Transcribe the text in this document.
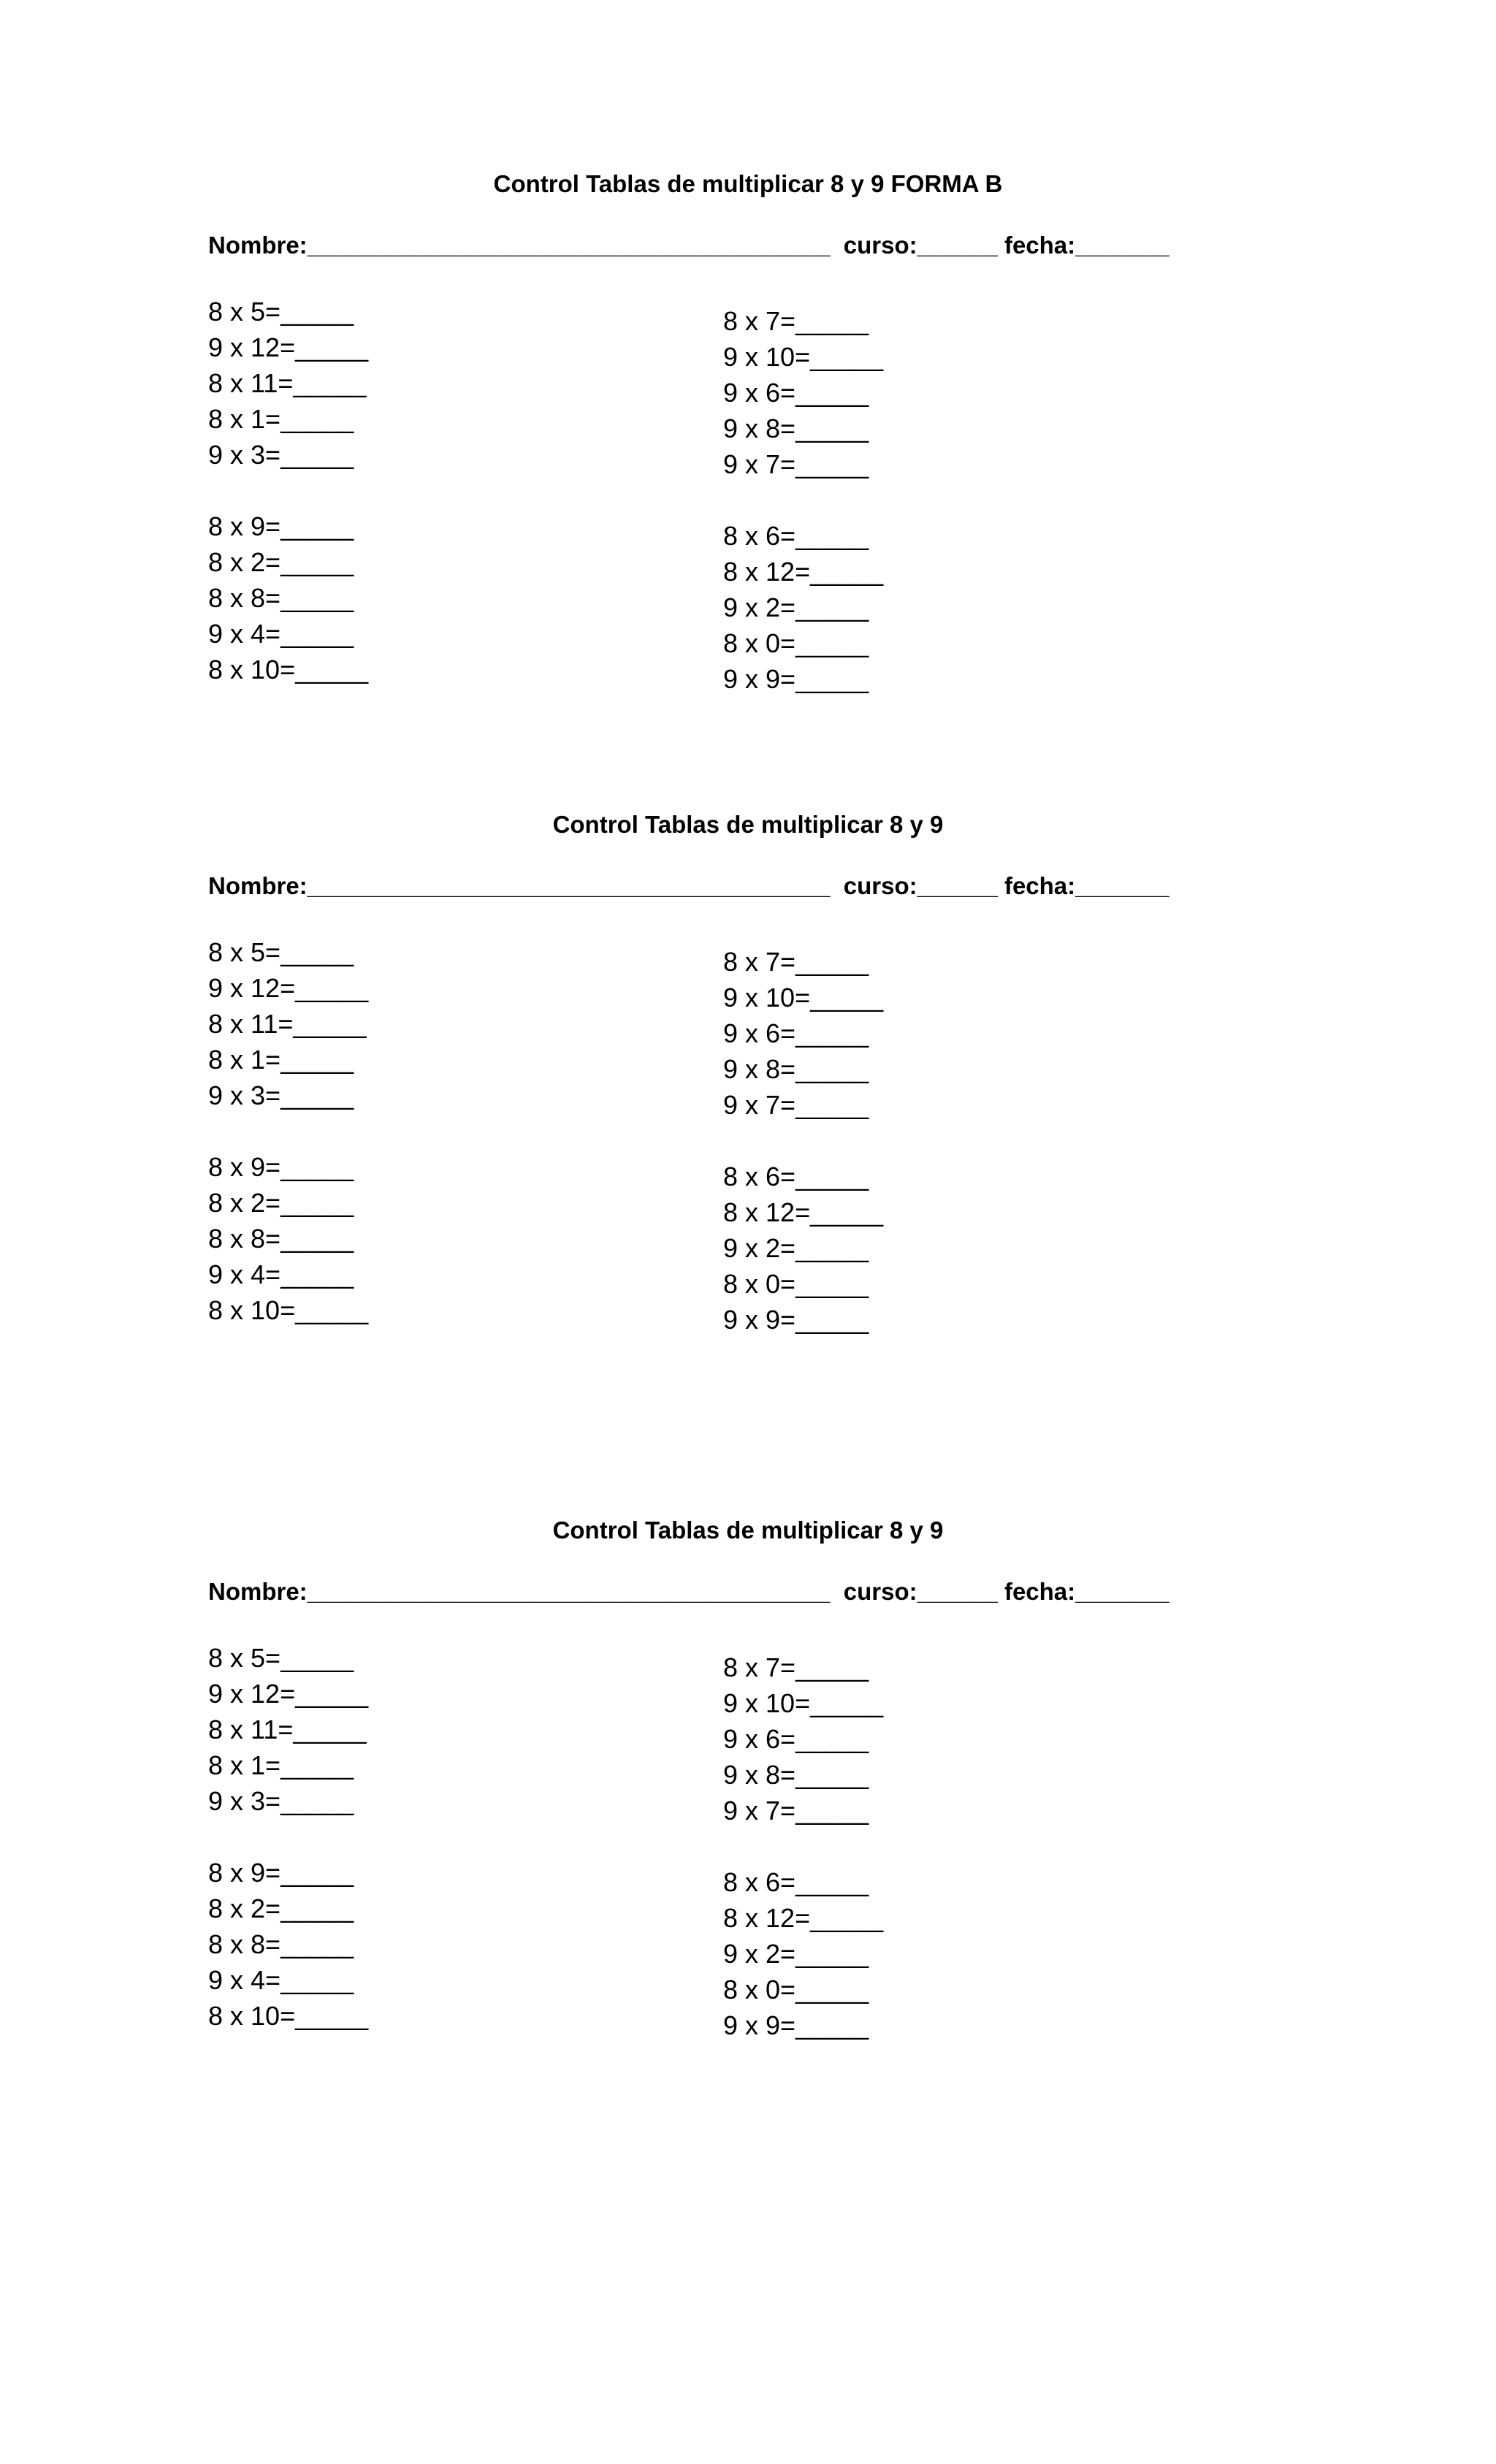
Control Tablas de multiplicar 8 y 9 FORMA B
Nombre:_______________________________________ curso:______ fecha:_______
8 x 5=_____
9 x 12=_____
8 x 11=_____
8 x 1=_____
9 x 3=_____
8 x 9=_____
8 x 2=_____
8 x 8=_____
9 x 4=_____
8 x 10=_____
8 x 7=_____
9 x 10=_____
9 x 6=_____
9 x 8=_____
9 x 7=_____
8 x 6=_____
8 x 12=_____
9 x 2=_____
8 x 0=_____
9 x 9=_____
Control Tablas de multiplicar 8 y 9
Nombre:_______________________________________ curso:______ fecha:_______
8 x 5=_____
9 x 12=_____
8 x 11=_____
8 x 1=_____
9 x 3=_____
8 x 9=_____
8 x 2=_____
8 x 8=_____
9 x 4=_____
8 x 10=_____
8 x 7=_____
9 x 10=_____
9 x 6=_____
9 x 8=_____
9 x 7=_____
8 x 6=_____
8 x 12=_____
9 x 2=_____
8 x 0=_____
9 x 9=_____
Control Tablas de multiplicar 8 y 9
Nombre:_______________________________________ curso:______ fecha:_______
8 x 5=_____
9 x 12=_____
8 x 11=_____
8 x 1=_____
9 x 3=_____
8 x 9=_____
8 x 2=_____
8 x 8=_____
9 x 4=_____
8 x 10=_____
8 x 7=_____
9 x 10=_____
9 x 6=_____
9 x 8=_____
9 x 7=_____
8 x 6=_____
8 x 12=_____
9 x 2=_____
8 x 0=_____
9 x 9=_____
